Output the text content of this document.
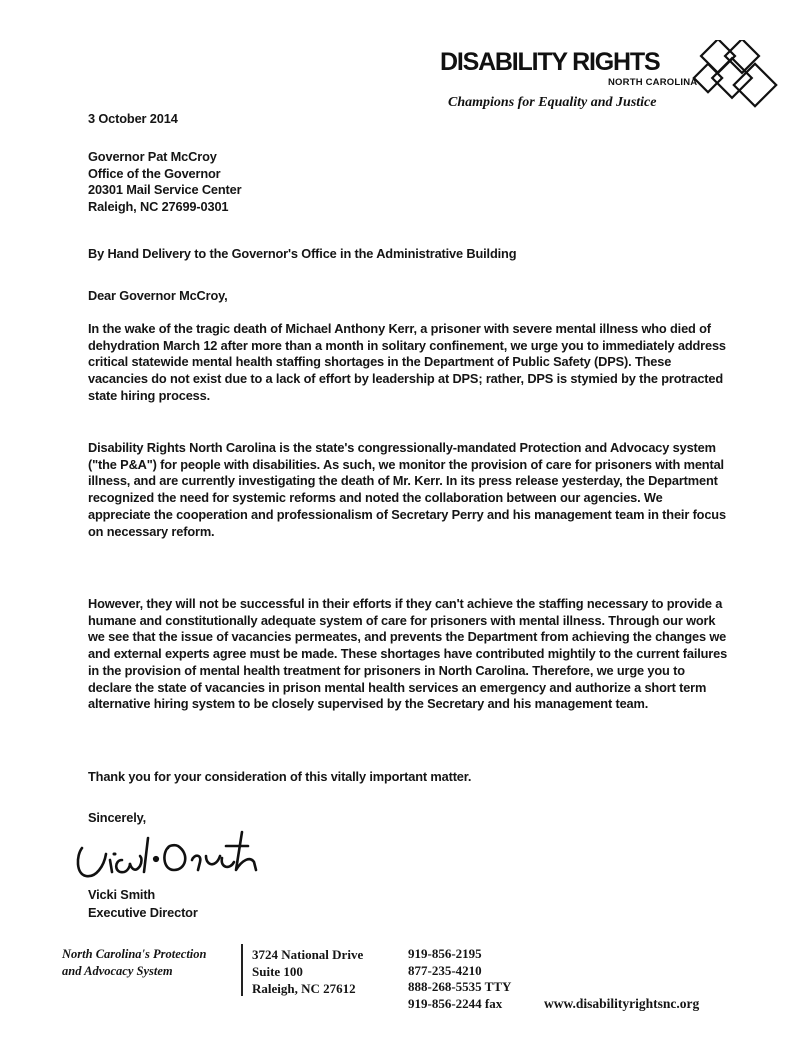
DISABILITY RIGHTS
NORTH CAROLINA
Champions for Equality and Justice
3 October 2014
Governor Pat McCroy
Office of the Governor
20301 Mail Service Center
Raleigh, NC 27699-0301
By Hand Delivery to the Governor's Office in the Administrative Building
Dear Governor McCroy,
In the wake of the tragic death of Michael Anthony Kerr, a prisoner with severe mental illness who died of dehydration March 12 after more than a month in solitary confinement, we urge you to immediately address critical statewide mental health staffing shortages in the Department of Public Safety (DPS). These vacancies do not exist due to a lack of effort by leadership at DPS; rather, DPS is stymied by the protracted state hiring process.
Disability Rights North Carolina is the state's congressionally-mandated Protection and Advocacy system ("the P&A") for people with disabilities. As such, we monitor the provision of care for prisoners with mental illness, and are currently investigating the death of Mr. Kerr. In its press release yesterday, the Department recognized the need for systemic reforms and noted the collaboration between our agencies. We appreciate the cooperation and professionalism of Secretary Perry and his management team in their focus on necessary reform.
However, they will not be successful in their efforts if they can't achieve the staffing necessary to provide a humane and constitutionally adequate system of care for prisoners with mental illness. Through our work we see that the issue of vacancies permeates, and prevents the Department from achieving the changes we and external experts agree must be made. These shortages have contributed mightily to the current failures in the provision of mental health treatment for prisoners in North Carolina. Therefore, we urge you to declare the state of vacancies in prison mental health services an emergency and authorize a short term alternative hiring system to be closely supervised by the Secretary and his management team.
Thank you for your consideration of this vitally important matter.
Sincerely,
Vicki Smith
Executive Director
North Carolina's Protection
and Advocacy System
3724 National Drive
Suite 100
Raleigh, NC 27612
919-856-2195
877-235-4210
888-268-5535 TTY
919-856-2244 fax	www.disabilityrightsnc.org
